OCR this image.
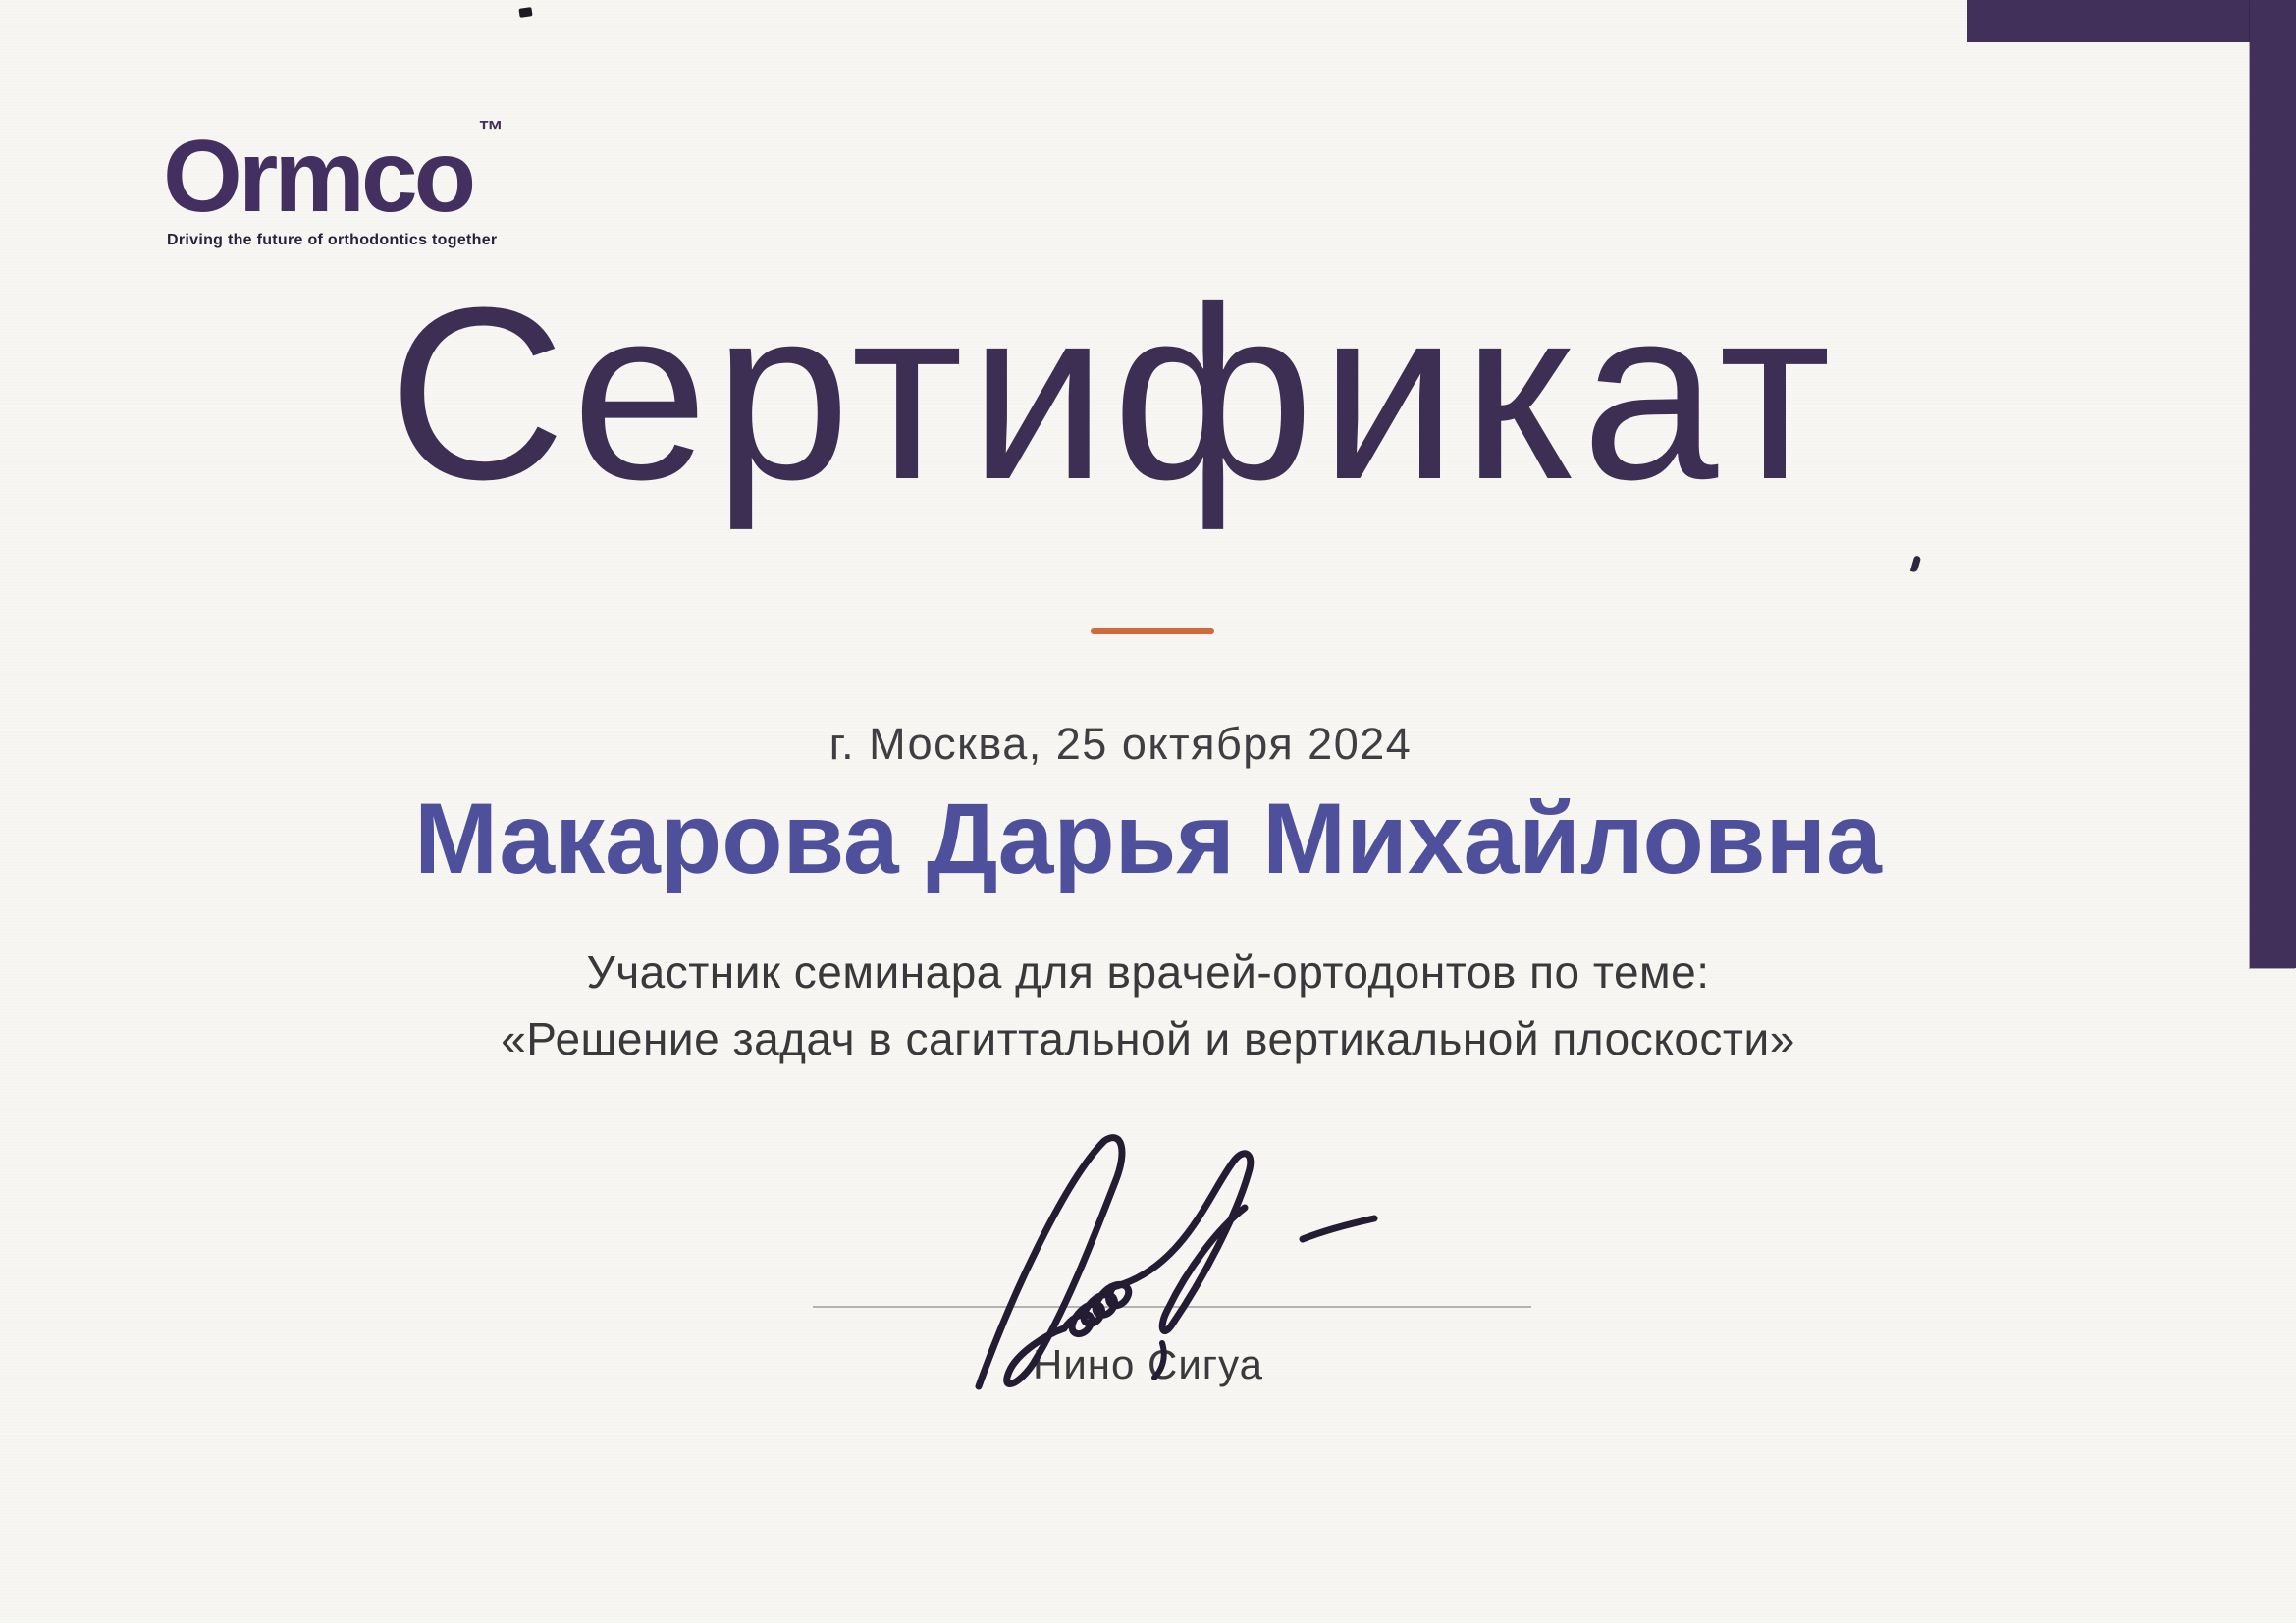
Ormco ™
Driving the future of orthodontics together
Сертификат
г. Москва, 25 октября 2024
Макарова Дарья Михайловна
Участник семинара для врачей-ортодонтов по теме:
«Решение задач в сагиттальной и вертикальной плоскости»
Нино Сигуа
